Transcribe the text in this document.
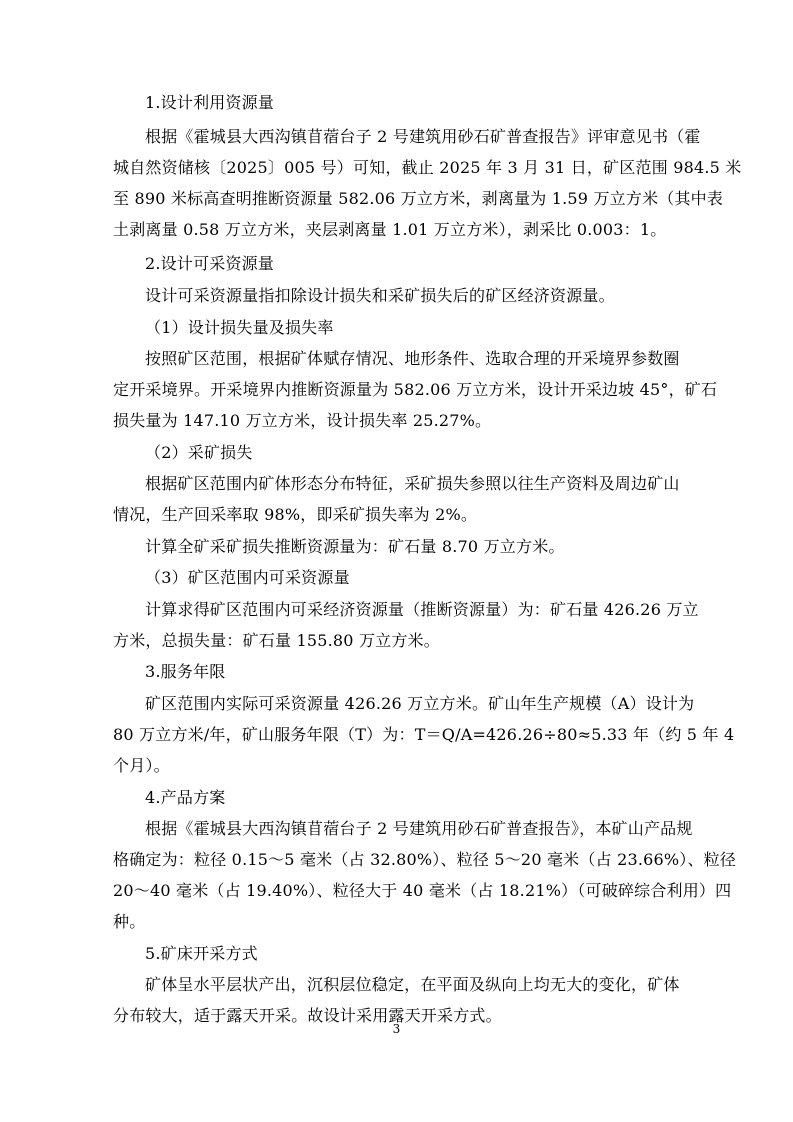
1.设计利用资源量
根据《霍城县大西沟镇苜蓿台子 2 号建筑用砂石矿普查报告》评审意见书（霍
城自然资储核〔2025〕005 号）可知，截止 2025 年 3 月 31 日，矿区范围 984.5 米
至 890 米标高查明推断资源量 582.06 万立方米，剥离量为 1.59 万立方米（其中表
土剥离量 0.58 万立方米，夹层剥离量 1.01 万立方米），剥采比 0.003：1。
2.设计可采资源量
设计可采资源量指扣除设计损失和采矿损失后的矿区经济资源量。
（1）设计损失量及损失率
按照矿区范围，根据矿体赋存情况、地形条件、选取合理的开采境界参数圈
定开采境界。开采境界内推断资源量为 582.06 万立方米，设计开采边坡 45°，矿石
损失量为 147.10 万立方米，设计损失率 25.27%。
（2）采矿损失
根据矿区范围内矿体形态分布特征，采矿损失参照以往生产资料及周边矿山
情况，生产回采率取 98%，即采矿损失率为 2%。
计算全矿采矿损失推断资源量为：矿石量 8.70 万立方米。
（3）矿区范围内可采资源量
计算求得矿区范围内可采经济资源量（推断资源量）为：矿石量 426.26 万立
方米，总损失量：矿石量 155.80 万立方米。
3.服务年限
矿区范围内实际可采资源量 426.26 万立方米。矿山年生产规模（A）设计为
80 万立方米/年，矿山服务年限（T）为：T＝Q/A=426.26÷80≈5.33 年（约 5 年 4
个月）。
4.产品方案
根据《霍城县大西沟镇苜蓿台子 2 号建筑用砂石矿普查报告》，本矿山产品规
格确定为：粒径 0.15～5 毫米（占 32.80%）、粒径 5～20 毫米（占 23.66%）、粒径
20～40 毫米（占 19.40%）、粒径大于 40 毫米（占 18.21%）（可破碎综合利用）四
种。
5.矿床开采方式
矿体呈水平层状产出，沉积层位稳定，在平面及纵向上均无大的变化，矿体
分布较大，适于露天开采。故设计采用露天开采方式。
3
